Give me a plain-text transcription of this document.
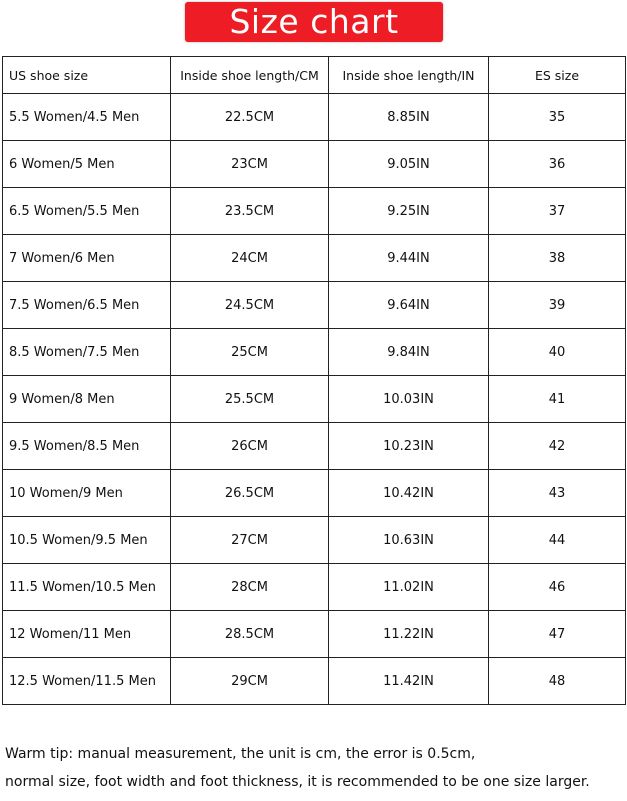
Size chart
US shoe size	Inside shoe length/CM	Inside shoe length/IN	ES size
5.5 Women/4.5 Men	22.5CM	8.85IN	35
6 Women/5 Men	23CM	9.05IN	36
6.5 Women/5.5 Men	23.5CM	9.25IN	37
7 Women/6 Men	24CM	9.44IN	38
7.5 Women/6.5 Men	24.5CM	9.64IN	39
8.5 Women/7.5 Men	25CM	9.84IN	40
9 Women/8 Men	25.5CM	10.03IN	41
9.5 Women/8.5 Men	26CM	10.23IN	42
10 Women/9 Men	26.5CM	10.42IN	43
10.5 Women/9.5 Men	27CM	10.63IN	44
11.5 Women/10.5 Men	28CM	11.02IN	46
12 Women/11 Men	28.5CM	11.22IN	47
12.5 Women/11.5 Men	29CM	11.42IN	48
Warm tip: manual measurement, the unit is cm, the error is 0.5cm,
normal size, foot width and foot thickness, it is recommended to be one size larger.
